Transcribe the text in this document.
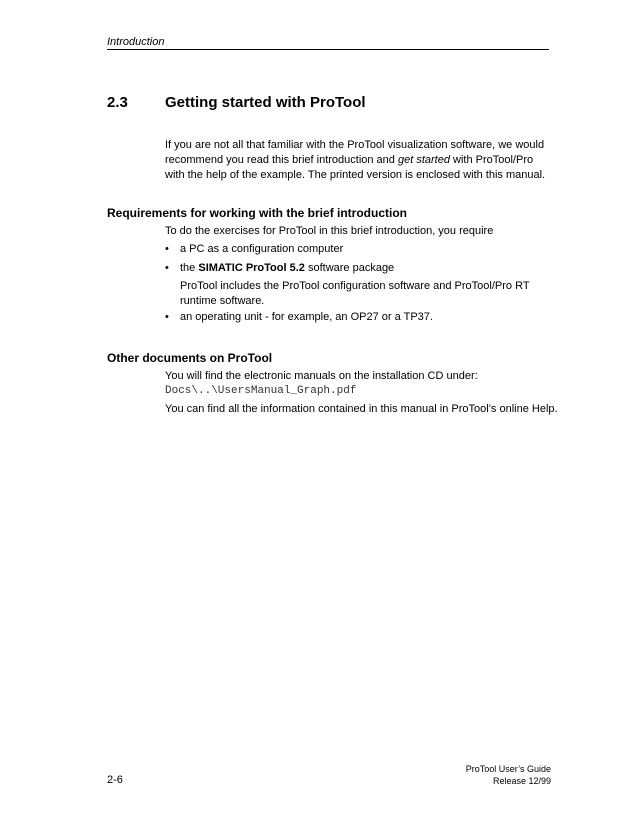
Introduction
2.3 Getting started with ProTool
If you are not all that familiar with the ProTool visualization software, we would recommend you read this brief introduction and get started with ProTool/Pro with the help of the example. The printed version is enclosed with this manual.
Requirements for working with the brief introduction
To do the exercises for ProTool in this brief introduction, you require
• a PC as a configuration computer
• the SIMATIC ProTool 5.2 software package
ProTool includes the ProTool configuration software and ProTool/Pro RT runtime software.
• an operating unit - for example, an OP27 or a TP37.
Other documents on ProTool
You will find the electronic manuals on the installation CD under:
Docs\..\UsersManual_Graph.pdf
You can find all the information contained in this manual in ProTool’s online Help.
2-6
ProTool User’s Guide
Release 12/99
